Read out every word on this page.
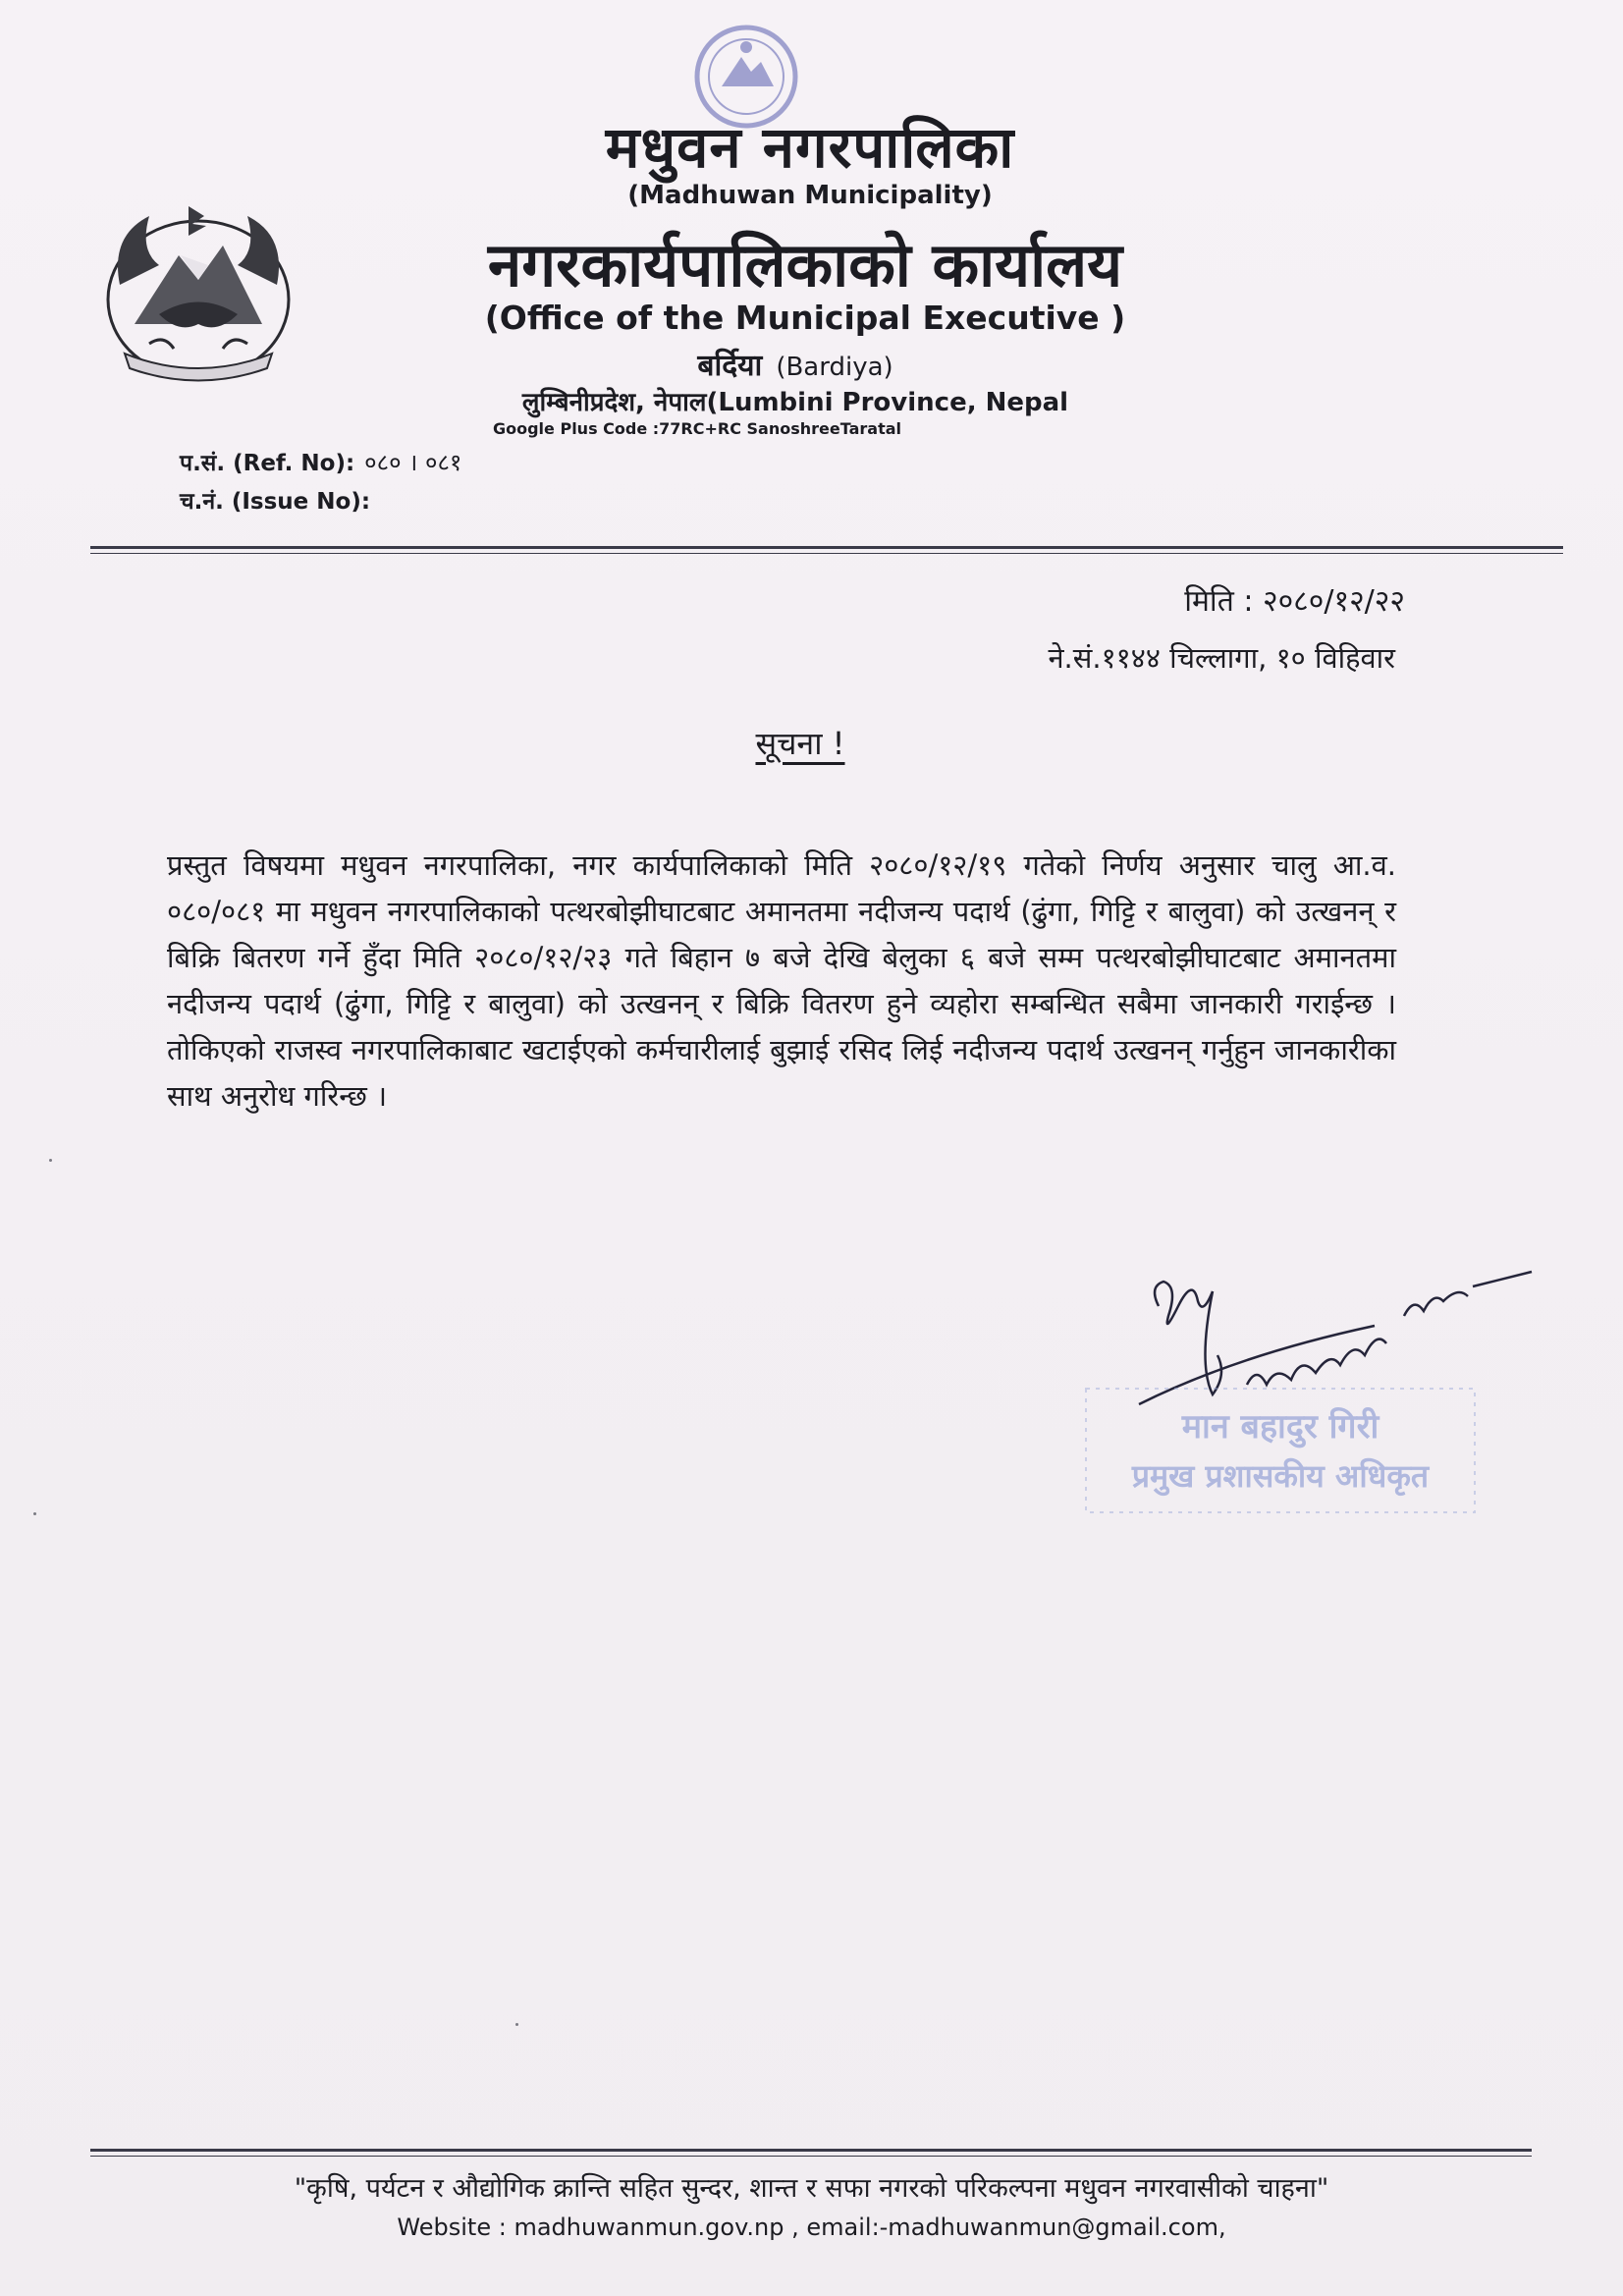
मधुवन नगरपालिका
(Madhuwan Municipality)
नगरकार्यपालिकाको कार्यालय
(Office of the Municipal Executive )
बर्दिया (Bardiya)
लुम्बिनीप्रदेश, नेपाल(Lumbini Province, Nepal
Google Plus Code :77RC+RC SanoshreeTaratal
प.सं. (Ref. No): ०८० । ०८१
च.नं. (Issue No):
मिति : २०८०/१२/२२
ने.सं.११४४ चिल्लागा, १० विहिवार
सूचना !
प्रस्तुत विषयमा मधुवन नगरपालिका, नगर कार्यपालिकाको मिति २०८०/१२/१९ गतेको निर्णय अनुसार चालु आ.व. ०८०/०८१ मा मधुवन नगरपालिकाको पत्थरबोझीघाटबाट अमानतमा नदीजन्य पदार्थ (ढुंगा, गिट्टि र बालुवा) को उत्खनन् र बिक्रि बितरण गर्ने हुँदा मिति २०८०/१२/२३ गते बिहान ७ बजे देखि बेलुका ६ बजे सम्म पत्थरबोझीघाटबाट अमानतमा नदीजन्य पदार्थ (ढुंगा, गिट्टि र बालुवा) को उत्खनन् र बिक्रि वितरण हुने व्यहोरा सम्बन्धित सबैमा जानकारी गराईन्छ । तोकिएको राजस्व नगरपालिकाबाट खटाईएको कर्मचारीलाई बुझाई रसिद लिई नदीजन्य पदार्थ उत्खनन् गर्नुहुन जानकारीका साथ अनुरोध गरिन्छ ।
मान बहादुर गिरी
प्रमुख प्रशासकीय अधिकृत
"कृषि, पर्यटन र औद्योगिक क्रान्ति सहित सुन्दर, शान्त र सफा नगरको परिकल्पना मधुवन नगरवासीको चाहना"
Website : madhuwanmun.gov.np , email:-madhuwanmun@gmail.com,
